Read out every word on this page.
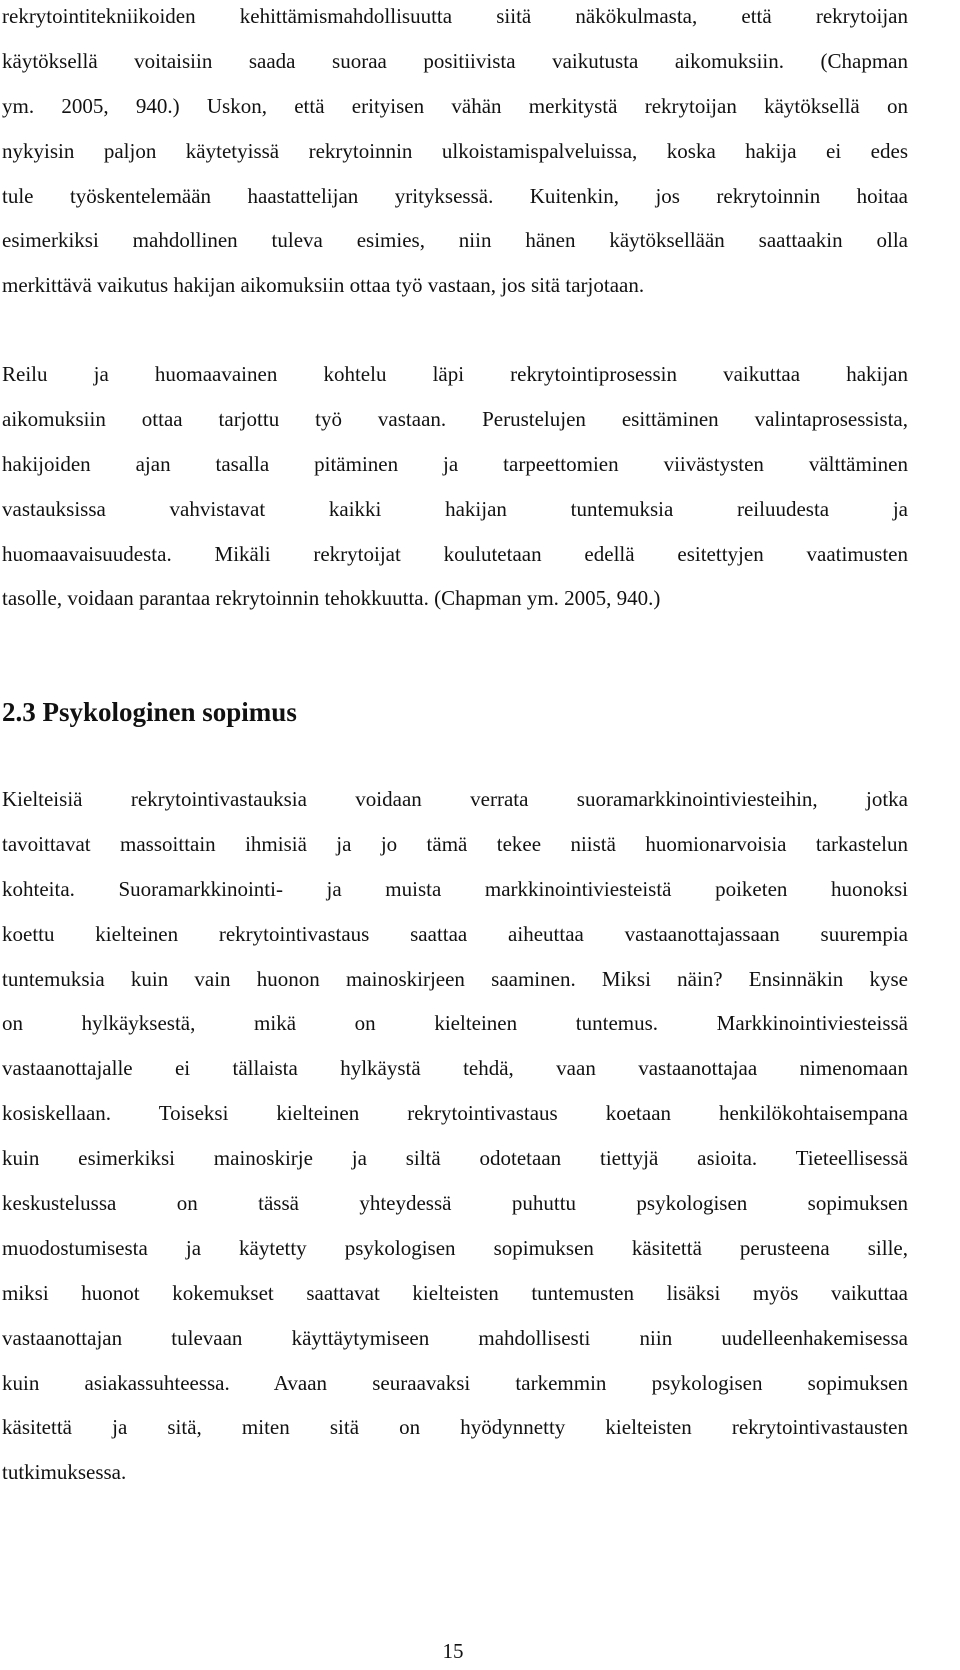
rekrytointitekniikoiden kehittämismahdollisuutta siitä näkökulmasta, että rekrytoijan
käytöksellä voitaisiin saada suoraa positiivista vaikutusta aikomuksiin. (Chapman
ym. 2005, 940.) Uskon, että erityisen vähän merkitystä rekrytoijan käytöksellä on
nykyisin paljon käytetyissä rekrytoinnin ulkoistamispalveluissa, koska hakija ei edes
tule työskentelemään haastattelijan yrityksessä. Kuitenkin, jos rekrytoinnin hoitaa
esimerkiksi mahdollinen tuleva esimies, niin hänen käytöksellään saattaakin olla
merkittävä vaikutus hakijan aikomuksiin ottaa työ vastaan, jos sitä tarjotaan.
Reilu ja huomaavainen kohtelu läpi rekrytointiprosessin vaikuttaa hakijan
aikomuksiin ottaa tarjottu työ vastaan. Perustelujen esittäminen valintaprosessista,
hakijoiden ajan tasalla pitäminen ja tarpeettomien viivästysten välttäminen
vastauksissa vahvistavat kaikki hakijan tuntemuksia reiluudesta ja
huomaavaisuudesta. Mikäli rekrytoijat koulutetaan edellä esitettyjen vaatimusten
tasolle, voidaan parantaa rekrytoinnin tehokkuutta. (Chapman ym. 2005, 940.)
2.3 Psykologinen sopimus
Kielteisiä rekrytointivastauksia voidaan verrata suoramarkkinointiviesteihin, jotka
tavoittavat massoittain ihmisiä ja jo tämä tekee niistä huomionarvoisia tarkastelun
kohteita. Suoramarkkinointi- ja muista markkinointiviesteistä poiketen huonoksi
koettu kielteinen rekrytointivastaus saattaa aiheuttaa vastaanottajassaan suurempia
tuntemuksia kuin vain huonon mainoskirjeen saaminen. Miksi näin? Ensinnäkin kyse
on hylkäyksestä, mikä on kielteinen tuntemus. Markkinointiviesteissä
vastaanottajalle ei tällaista hylkäystä tehdä, vaan vastaanottajaa nimenomaan
kosiskellaan. Toiseksi kielteinen rekrytointivastaus koetaan henkilökohtaisempana
kuin esimerkiksi mainoskirje ja siltä odotetaan tiettyjä asioita. Tieteellisessä
keskustelussa on tässä yhteydessä puhuttu psykologisen sopimuksen
muodostumisesta ja käytetty psykologisen sopimuksen käsitettä perusteena sille,
miksi huonot kokemukset saattavat kielteisten tuntemusten lisäksi myös vaikuttaa
vastaanottajan tulevaan käyttäytymiseen mahdollisesti niin uudelleenhakemisessa
kuin asiakassuhteessa. Avaan seuraavaksi tarkemmin psykologisen sopimuksen
käsitettä ja sitä, miten sitä on hyödynnetty kielteisten rekrytointivastausten
tutkimuksessa.

15
